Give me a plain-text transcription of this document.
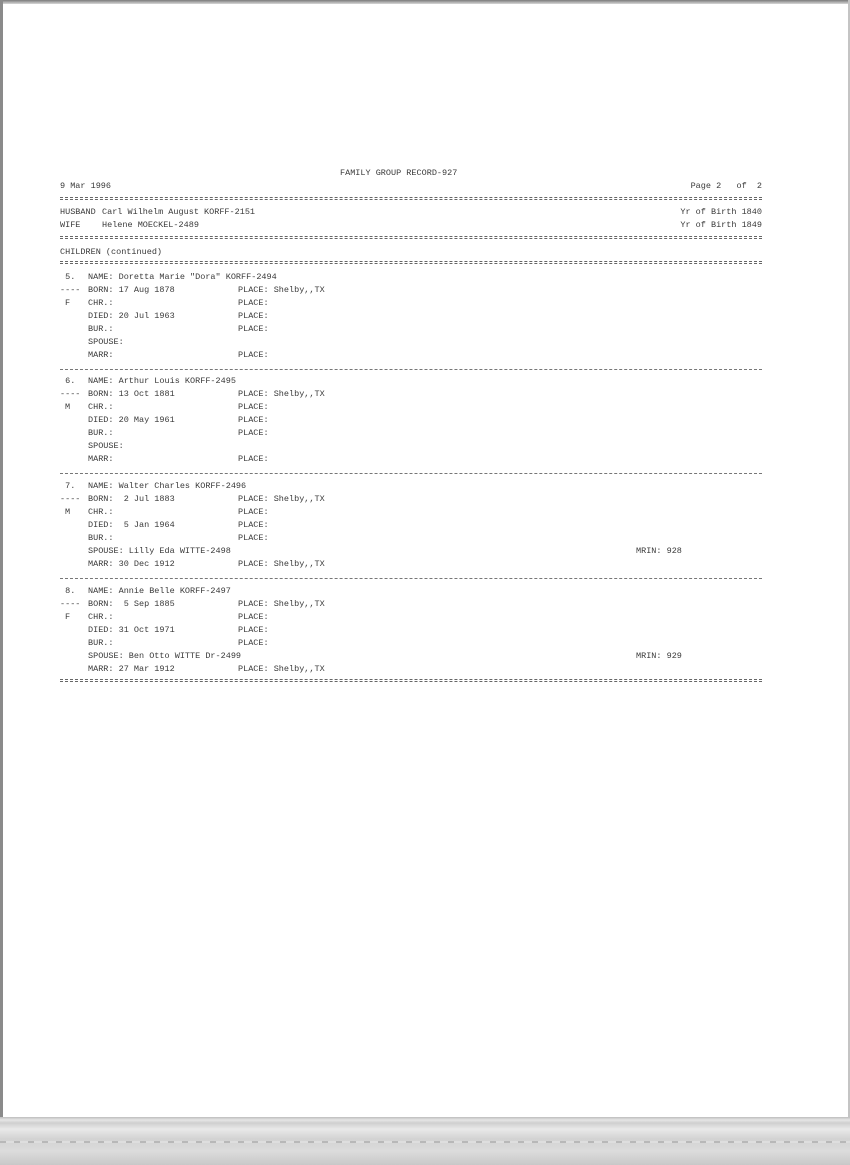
FAMILY GROUP RECORD-927
9 Mar 1996	Page 2   of  2
HUSBAND Carl Wilhelm August KORFF-2151	Yr of Birth 1840
WIFE	Helene MOECKEL-2489	Yr of Birth 1849
CHILDREN (continued)
5. NAME: Doretta Marie "Dora" KORFF-2494
---- BORN: 17 Aug 1878	PLACE: Shelby,,TX
F CHR.:	PLACE:
DIED: 20 Jul 1963	PLACE:
BUR.:	PLACE:
SPOUSE:
MARR:	PLACE:
6. NAME: Arthur Louis KORFF-2495
---- BORN: 13 Oct 1881	PLACE: Shelby,,TX
M CHR.:	PLACE:
DIED: 20 May 1961	PLACE:
BUR.:	PLACE:
SPOUSE:
MARR:	PLACE:
7. NAME: Walter Charles KORFF-2496
---- BORN:  2 Jul 1883	PLACE: Shelby,,TX
M CHR.:	PLACE:
DIED:  5 Jan 1964	PLACE:
BUR.:	PLACE:
SPOUSE: Lilly Eda WITTE-2498	MRIN: 928
MARR: 30 Dec 1912	PLACE: Shelby,,TX
8. NAME: Annie Belle KORFF-2497
---- BORN:  5 Sep 1885	PLACE: Shelby,,TX
F CHR.:	PLACE:
DIED: 31 Oct 1971	PLACE:
BUR.:	PLACE:
SPOUSE: Ben Otto WITTE Dr-2499	MRIN: 929
MARR: 27 Mar 1912	PLACE: Shelby,,TX
